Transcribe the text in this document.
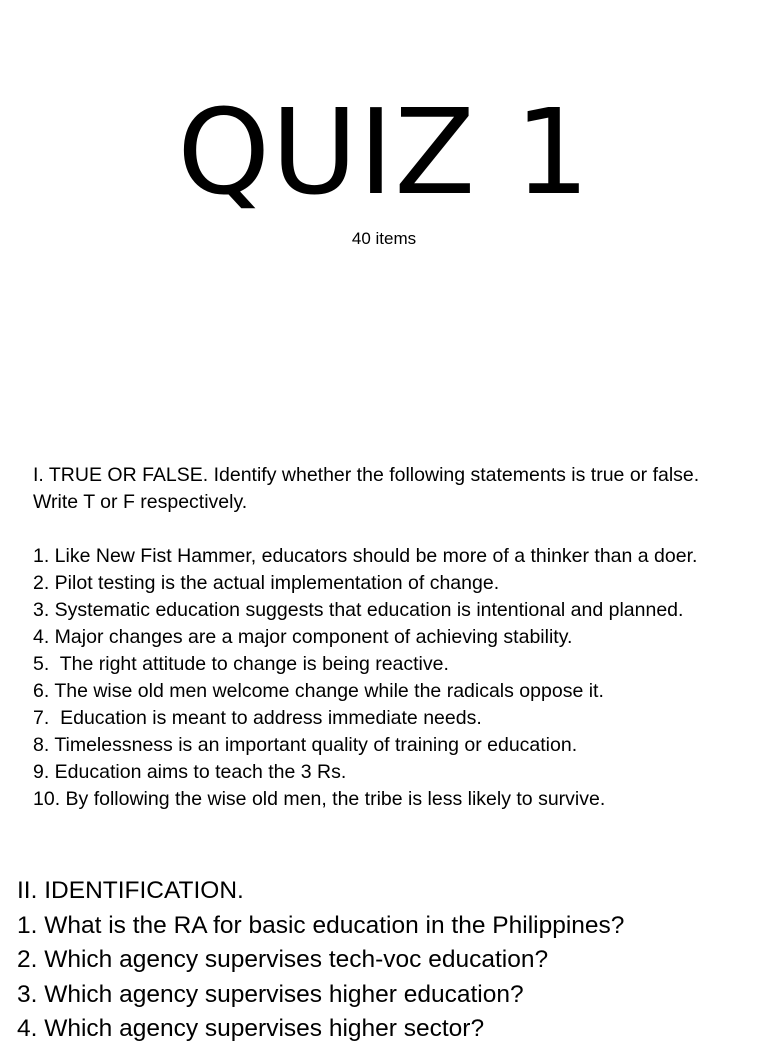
QUIZ 1
40 items

I. TRUE OR FALSE. Identify whether the following statements is true or false. Write T or F respectively.

1. Like New Fist Hammer, educators should be more of a thinker than a doer.
2. Pilot testing is the actual implementation of change.
3. Systematic education suggests that education is intentional and planned.
4. Major changes are a major component of achieving stability.
5.  The right attitude to change is being reactive.
6. The wise old men welcome change while the radicals oppose it.
7.  Education is meant to address immediate needs.
8. Timelessness is an important quality of training or education.
9. Education aims to teach the 3 Rs.
10. By following the wise old men, the tribe is less likely to survive.

II. IDENTIFICATION.

1. What is the RA for basic education in the Philippines?
2. Which agency supervises tech-voc education?
3. Which agency supervises higher education?
4. Which agency supervises higher sector?
